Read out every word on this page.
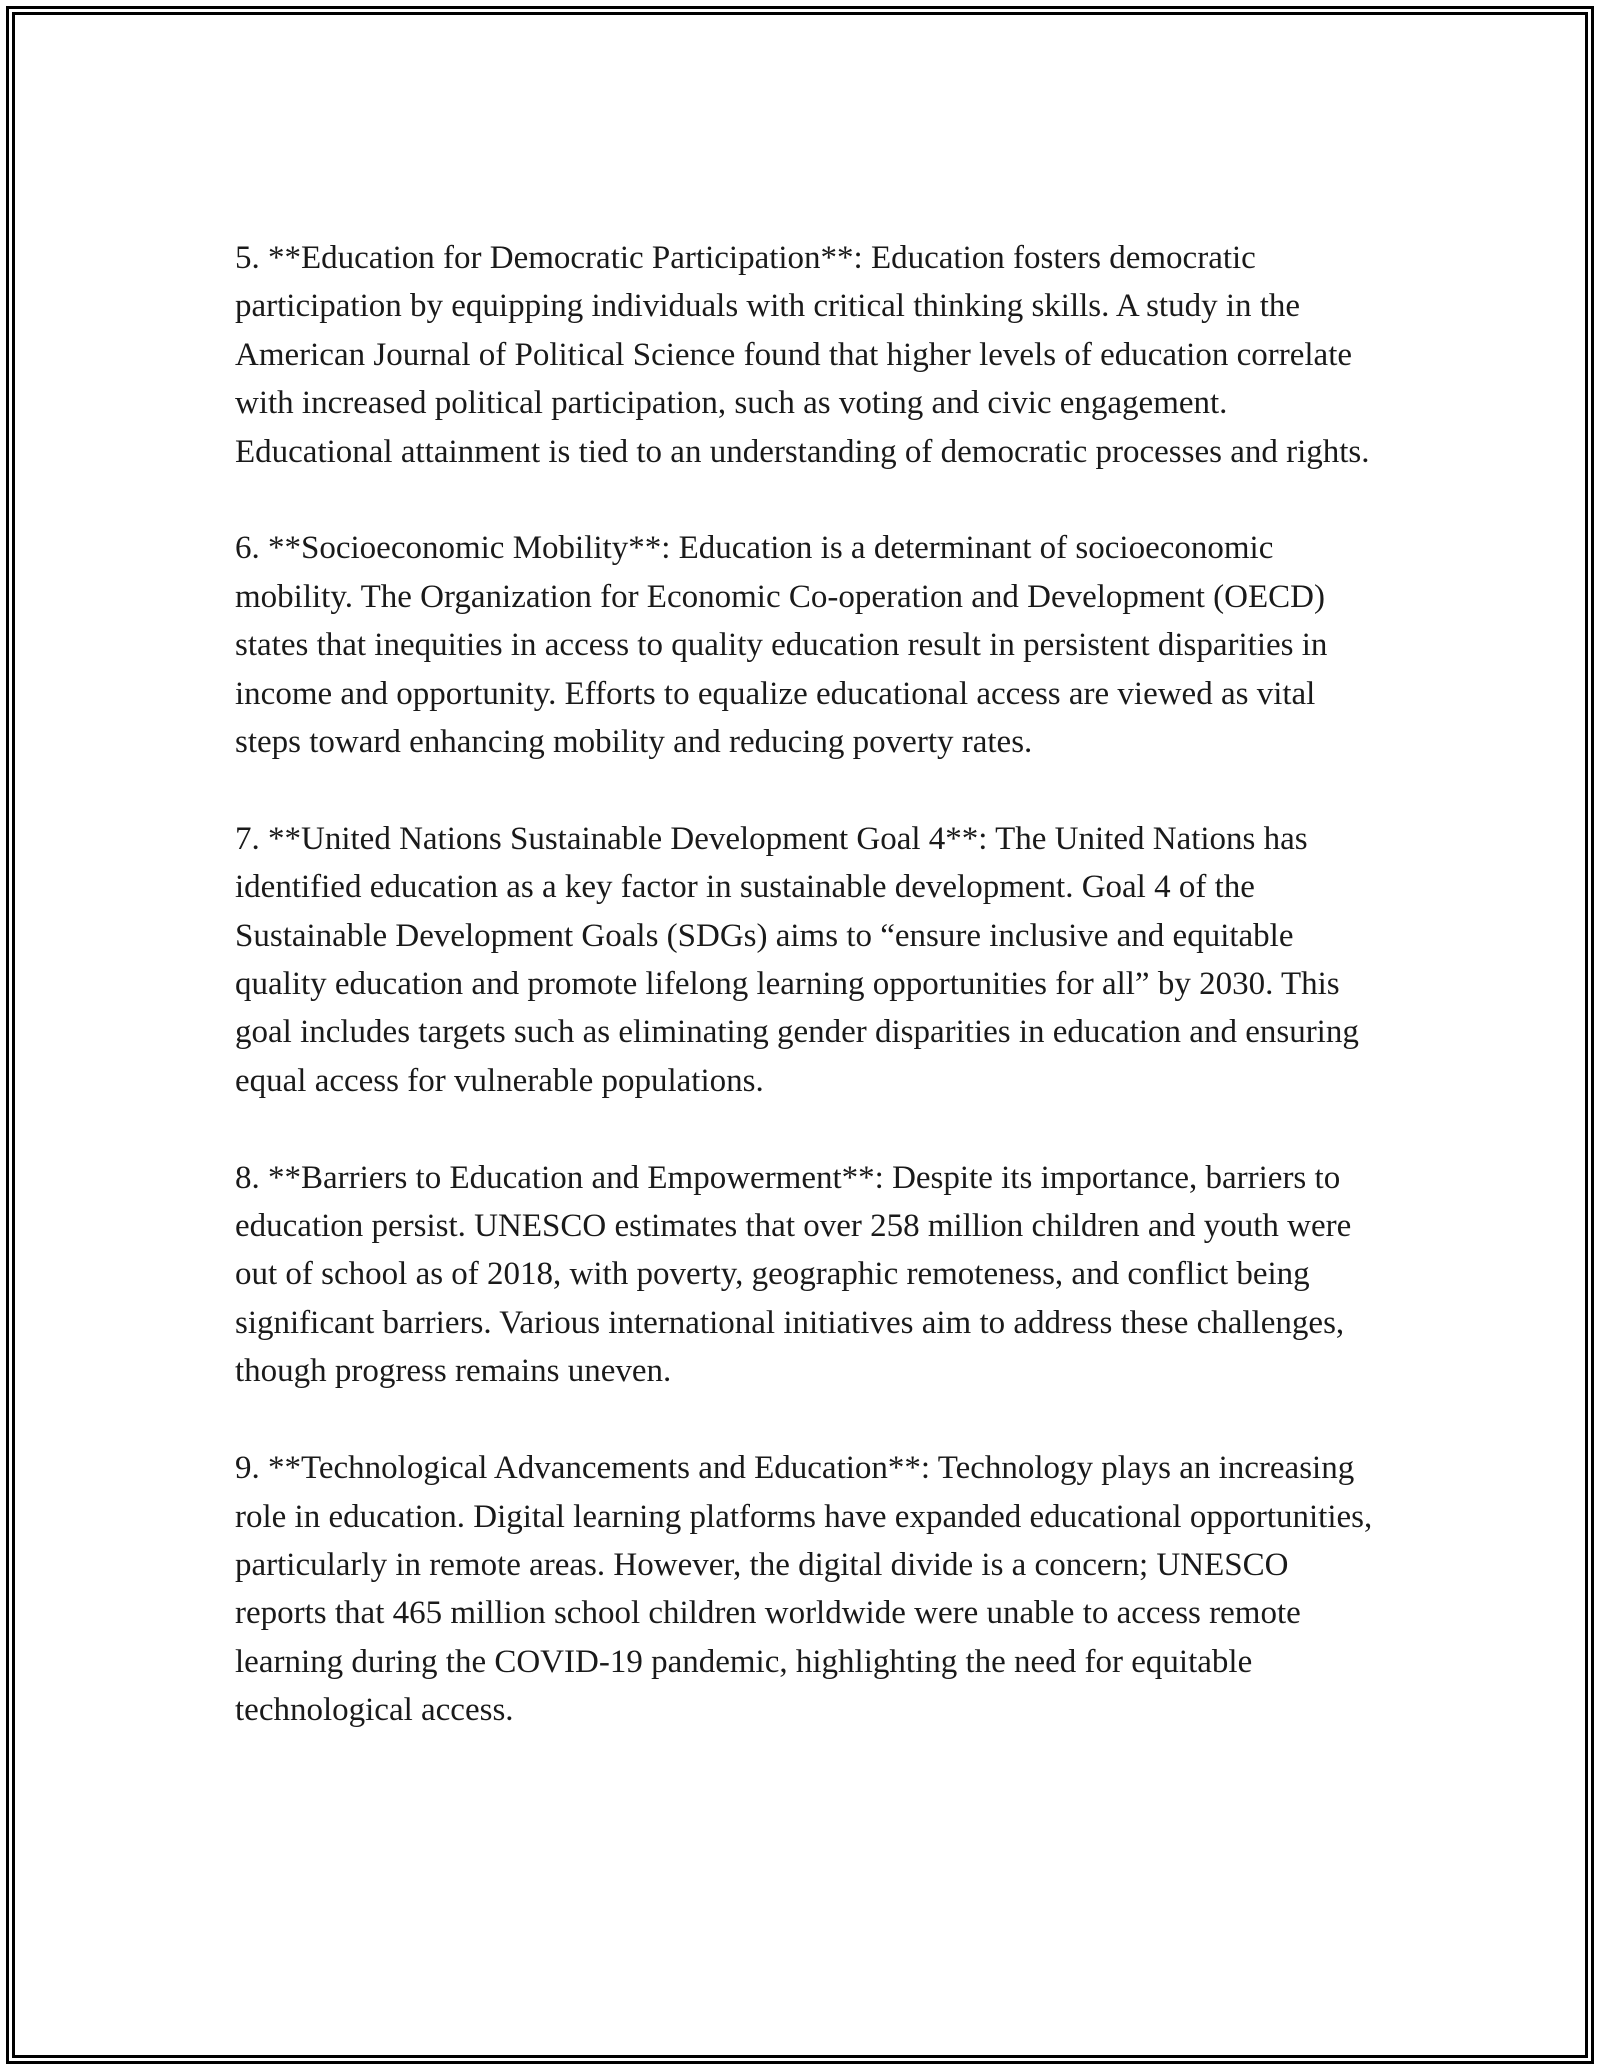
5. **Education for Democratic Participation**: Education fosters democratic participation by equipping individuals with critical thinking skills. A study in the American Journal of Political Science found that higher levels of education correlate with increased political participation, such as voting and civic engagement. Educational attainment is tied to an understanding of democratic processes and rights.

6. **Socioeconomic Mobility**: Education is a determinant of socioeconomic mobility. The Organization for Economic Co-operation and Development (OECD) states that inequities in access to quality education result in persistent disparities in income and opportunity. Efforts to equalize educational access are viewed as vital steps toward enhancing mobility and reducing poverty rates.

7. **United Nations Sustainable Development Goal 4**: The United Nations has identified education as a key factor in sustainable development. Goal 4 of the Sustainable Development Goals (SDGs) aims to “ensure inclusive and equitable quality education and promote lifelong learning opportunities for all” by 2030. This goal includes targets such as eliminating gender disparities in education and ensuring equal access for vulnerable populations.

8. **Barriers to Education and Empowerment**: Despite its importance, barriers to education persist. UNESCO estimates that over 258 million children and youth were out of school as of 2018, with poverty, geographic remoteness, and conflict being significant barriers. Various international initiatives aim to address these challenges, though progress remains uneven.

9. **Technological Advancements and Education**: Technology plays an increasing role in education. Digital learning platforms have expanded educational opportunities, particularly in remote areas. However, the digital divide is a concern; UNESCO reports that 465 million school children worldwide were unable to access remote learning during the COVID-19 pandemic, highlighting the need for equitable technological access.
